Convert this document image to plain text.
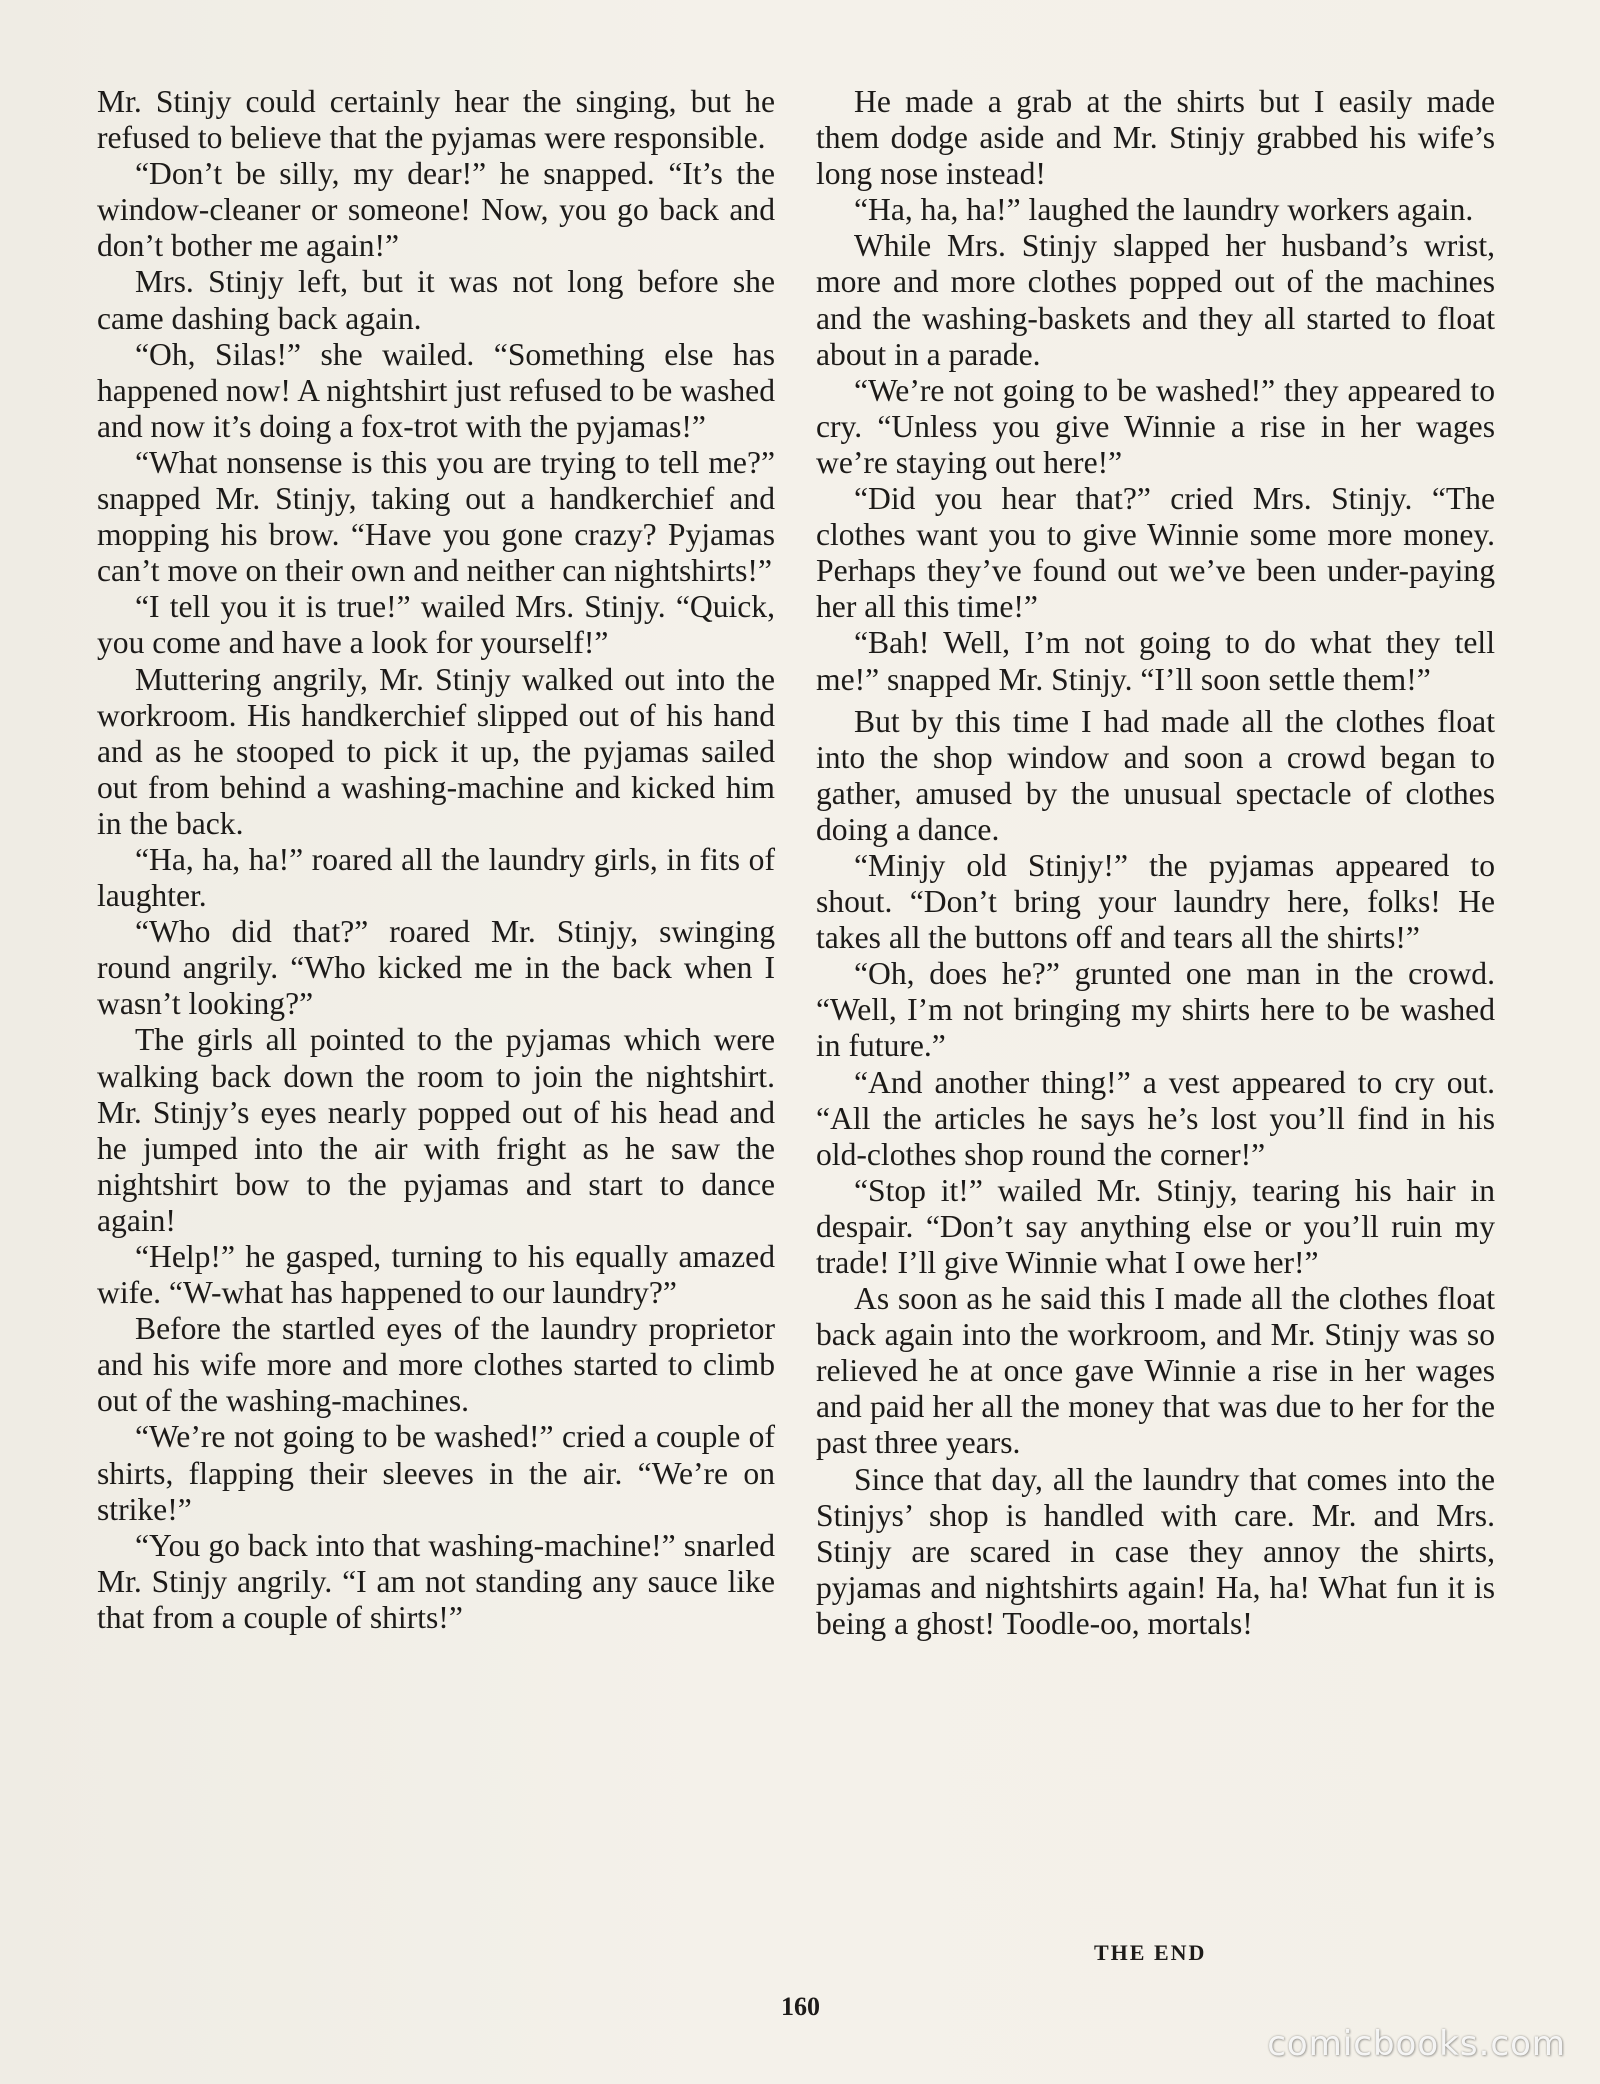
Mr. Stinjy could certainly hear the singing, but he refused to believe that the pyjamas were responsible.

“Don’t be silly, my dear!” he snapped. “It’s the window-cleaner or someone! Now, you go back and don’t bother me again!”

Mrs. Stinjy left, but it was not long before she came dashing back again.

“Oh, Silas!” she wailed. “Something else has happened now! A nightshirt just refused to be washed and now it’s doing a fox-trot with the pyjamas!”

“What nonsense is this you are trying to tell me?” snapped Mr. Stinjy, taking out a handkerchief and mopping his brow. “Have you gone crazy? Pyjamas can’t move on their own and neither can nightshirts!”

“I tell you it is true!” wailed Mrs. Stinjy. “Quick, you come and have a look for yourself!”

Muttering angrily, Mr. Stinjy walked out into the workroom. His handkerchief slipped out of his hand and as he stooped to pick it up, the pyjamas sailed out from behind a washing-machine and kicked him in the back.

“Ha, ha, ha!” roared all the laundry girls, in fits of laughter.

“Who did that?” roared Mr. Stinjy, swinging round angrily. “Who kicked me in the back when I wasn’t looking?”

The girls all pointed to the pyjamas which were walking back down the room to join the nightshirt. Mr. Stinjy’s eyes nearly popped out of his head and he jumped into the air with fright as he saw the nightshirt bow to the pyjamas and start to dance again!

“Help!” he gasped, turning to his equally amazed wife. “W-what has happened to our laundry?”

Before the startled eyes of the laundry proprietor and his wife more and more clothes started to climb out of the washing-machines.

“We’re not going to be washed!” cried a couple of shirts, flapping their sleeves in the air. “We’re on strike!”

“You go back into that washing-machine!” snarled Mr. Stinjy angrily. “I am not standing any sauce like that from a couple of shirts!”

He made a grab at the shirts but I easily made them dodge aside and Mr. Stinjy grabbed his wife’s long nose instead!

“Ha, ha, ha!” laughed the laundry workers again.

While Mrs. Stinjy slapped her husband’s wrist, more and more clothes popped out of the machines and the washing-baskets and they all started to float about in a parade.

“We’re not going to be washed!” they appeared to cry. “Unless you give Winnie a rise in her wages we’re staying out here!”

“Did you hear that?” cried Mrs. Stinjy. “The clothes want you to give Winnie some more money. Perhaps they’ve found out we’ve been under-paying her all this time!”

“Bah! Well, I’m not going to do what they tell me!” snapped Mr. Stinjy. “I’ll soon settle them!”

But by this time I had made all the clothes float into the shop window and soon a crowd began to gather, amused by the unusual spectacle of clothes doing a dance.

“Minjy old Stinjy!” the pyjamas appeared to shout. “Don’t bring your laundry here, folks! He takes all the buttons off and tears all the shirts!”

“Oh, does he?” grunted one man in the crowd. “Well, I’m not bringing my shirts here to be washed in future.”

“And another thing!” a vest appeared to cry out. “All the articles he says he’s lost you’ll find in his old-clothes shop round the corner!”

“Stop it!” wailed Mr. Stinjy, tearing his hair in despair. “Don’t say anything else or you’ll ruin my trade! I’ll give Winnie what I owe her!”

As soon as he said this I made all the clothes float back again into the workroom, and Mr. Stinjy was so relieved he at once gave Winnie a rise in her wages and paid her all the money that was due to her for the past three years.

Since that day, all the laundry that comes into the Stinjys’ shop is handled with care. Mr. and Mrs. Stinjy are scared in case they annoy the shirts, pyjamas and nightshirts again! Ha, ha! What fun it is being a ghost! Toodle-oo, mortals!

THE END
160
comicbooks.com
